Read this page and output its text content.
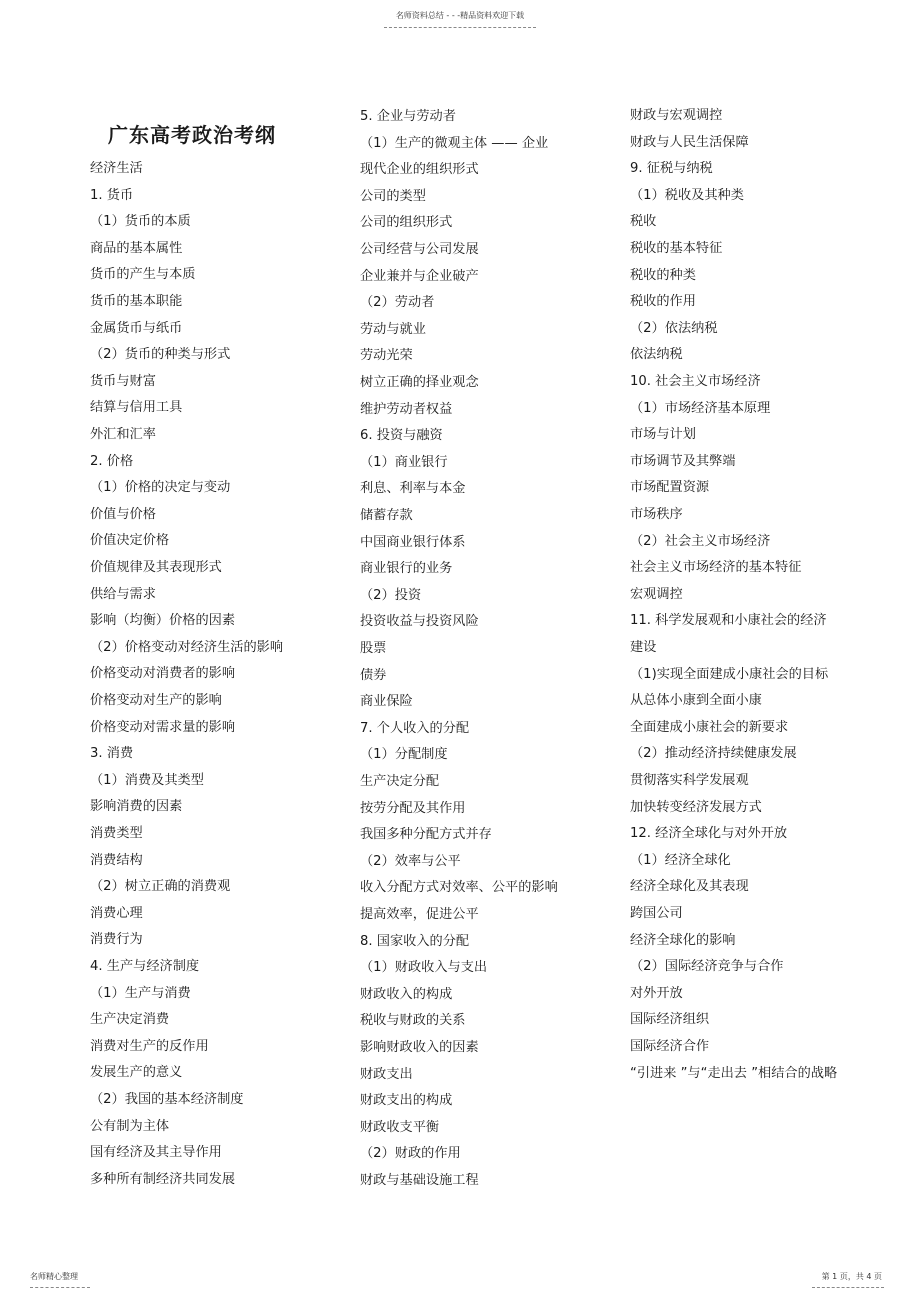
名师资料总结 - - -精品资料欢迎下载
广东高考政治考纲
经济生活
1. 货币
（1）货币的本质
商品的基本属性
货币的产生与本质
货币的基本职能
金属货币与纸币
（2）货币的种类与形式
货币与财富
结算与信用工具
外汇和汇率
2. 价格
（1）价格的决定与变动
价值与价格
价值决定价格
价值规律及其表现形式
供给与需求
影响（均衡）价格的因素
（2）价格变动对经济生活的影响
价格变动对消费者的影响
价格变动对生产的影响
价格变动对需求量的影响
3. 消费
（1）消费及其类型
影响消费的因素
消费类型
消费结构
（2）树立正确的消费观
消费心理
消费行为
4. 生产与经济制度
（1）生产与消费
生产决定消费
消费对生产的反作用
发展生产的意义
（2）我国的基本经济制度
公有制为主体
国有经济及其主导作用
多种所有制经济共同发展
5. 企业与劳动者
（1）生产的微观主体 —— 企业
现代企业的组织形式
公司的类型
公司的组织形式
公司经营与公司发展
企业兼并与企业破产
（2）劳动者
劳动与就业
劳动光荣
树立正确的择业观念
维护劳动者权益
6. 投资与融资
（1）商业银行
利息、利率与本金
储蓄存款
中国商业银行体系
商业银行的业务
（2）投资
投资收益与投资风险
股票
债券
商业保险
7. 个人收入的分配
（1）分配制度
生产决定分配
按劳分配及其作用
我国多种分配方式并存
（2）效率与公平
收入分配方式对效率、公平的影响
提高效率，促进公平
8. 国家收入的分配
（1）财政收入与支出
财政收入的构成
税收与财政的关系
影响财政收入的因素
财政支出
财政支出的构成
财政收支平衡
（2）财政的作用
财政与基础设施工程
财政与宏观调控
财政与人民生活保障
9. 征税与纳税
（1）税收及其种类
税收
税收的基本特征
税收的种类
税收的作用
（2）依法纳税
依法纳税
10. 社会主义市场经济
（1）市场经济基本原理
市场与计划
市场调节及其弊端
市场配置资源
市场秩序
（2）社会主义市场经济
社会主义市场经济的基本特征
宏观调控
11. 科学发展观和小康社会的经济
建设
（1)实现全面建成小康社会的目标
从总体小康到全面小康
全面建成小康社会的新要求
（2）推动经济持续健康发展
贯彻落实科学发展观
加快转变经济发展方式
12. 经济全球化与对外开放
（1）经济全球化
经济全球化及其表现
跨国公司
经济全球化的影响
（2）国际经济竞争与合作
对外开放
国际经济组织
国际经济合作
“引进来 ”与“走出去 ”相结合的战略
名师精心整理	第 1 页，共 4 页
